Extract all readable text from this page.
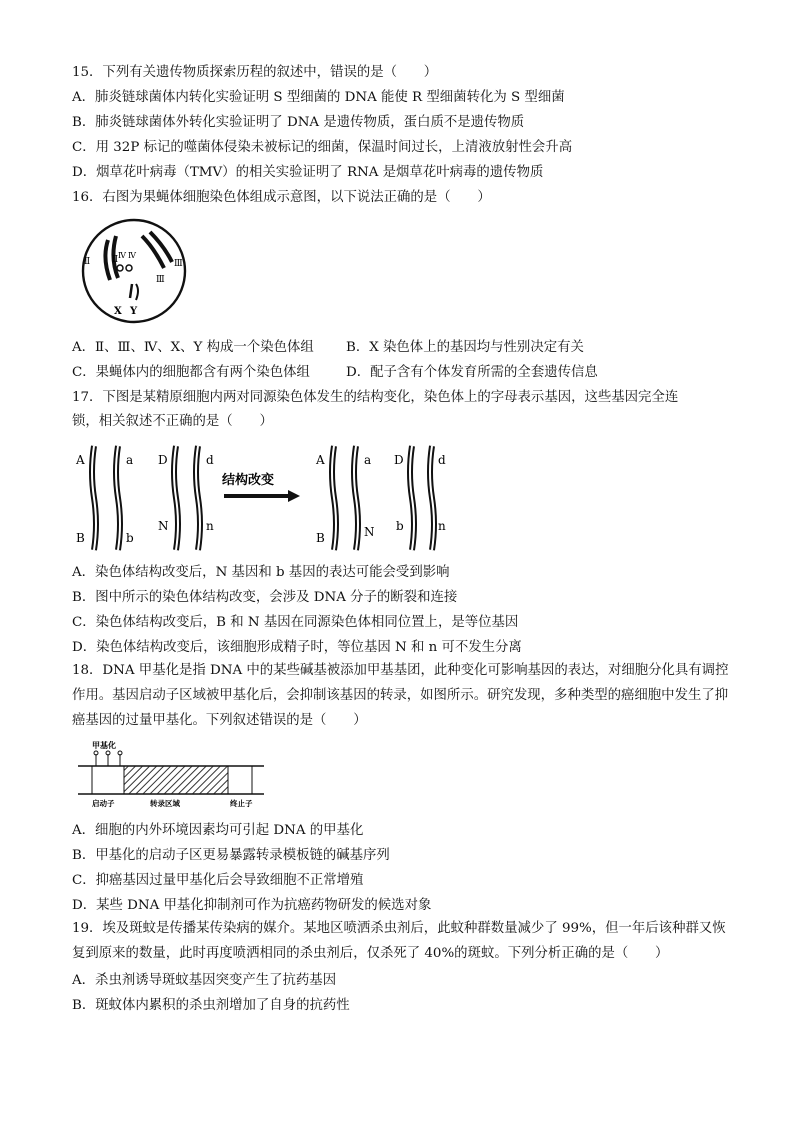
15．下列有关遗传物质探索历程的叙述中，错误的是（　　）
A．肺炎链球菌体内转化实验证明 S 型细菌的 DNA 能使 R 型细菌转化为 S 型细菌
B．肺炎链球菌体外转化实验证明了 DNA 是遗传物质，蛋白质不是遗传物质
C．用 32P 标记的噬菌体侵染未被标记的细菌，保温时间过长，上清液放射性会升高
D．烟草花叶病毒（TMV）的相关实验证明了 RNA 是烟草花叶病毒的遗传物质
16．右图为果蝇体细胞染色体组成示意图，以下说法正确的是（　　）
Ⅱ Ⅱ Ⅳ Ⅳ
Ⅲ
Ⅲ
X Y
A．Ⅱ、Ⅲ、Ⅳ、X、Y 构成一个染色体组 B．X 染色体上的基因均与性别决定有关
C．果蝇体内的细胞都含有两个染色体组	D．配子含有个体发育所需的全套遗传信息
17．下图是某精原细胞内两对同源染色体发生的结构变化，染色体上的字母表示基因，这些基因完全连
锁，相关叙述不正确的是（　　）
A	a
B	b
D	d
N	n
结构改变
A	a
B	N
D	d
b	n
A．染色体结构改变后，N 基因和 b 基因的表达可能会受到影响
B．图中所示的染色体结构改变，会涉及 DNA 分子的断裂和连接
C．染色体结构改变后，B 和 N 基因在同源染色体相同位置上，是等位基因
D．染色体结构改变后，该细胞形成精子时，等位基因 N 和 n 可不发生分离
18．DNA 甲基化是指 DNA 中的某些碱基被添加甲基基团，此种变化可影响基因的表达，对细胞分化具有调控作用。基因启动子区域被甲基化后，会抑制该基因的转录，如图所示。研究发现，多种类型的癌细胞中发生了抑癌基因的过量甲基化。下列叙述错误的是（　　）
甲基化
启动子	转录区域	终止子
A．细胞的内外环境因素均可引起 DNA 的甲基化
B．甲基化的启动子区更易暴露转录模板链的碱基序列
C．抑癌基因过量甲基化后会导致细胞不正常增殖
D．某些 DNA 甲基化抑制剂可作为抗癌药物研发的候选对象
19．埃及斑蚊是传播某传染病的媒介。某地区喷洒杀虫剂后，此蚊种群数量减少了 99%，但一年后该种群又恢复到原来的数量，此时再度喷洒相同的杀虫剂后，仅杀死了 40%的斑蚊。下列分析正确的是（　　）
A．杀虫剂诱导斑蚊基因突变产生了抗药基因
B．斑蚊体内累积的杀虫剂增加了自身的抗药性
